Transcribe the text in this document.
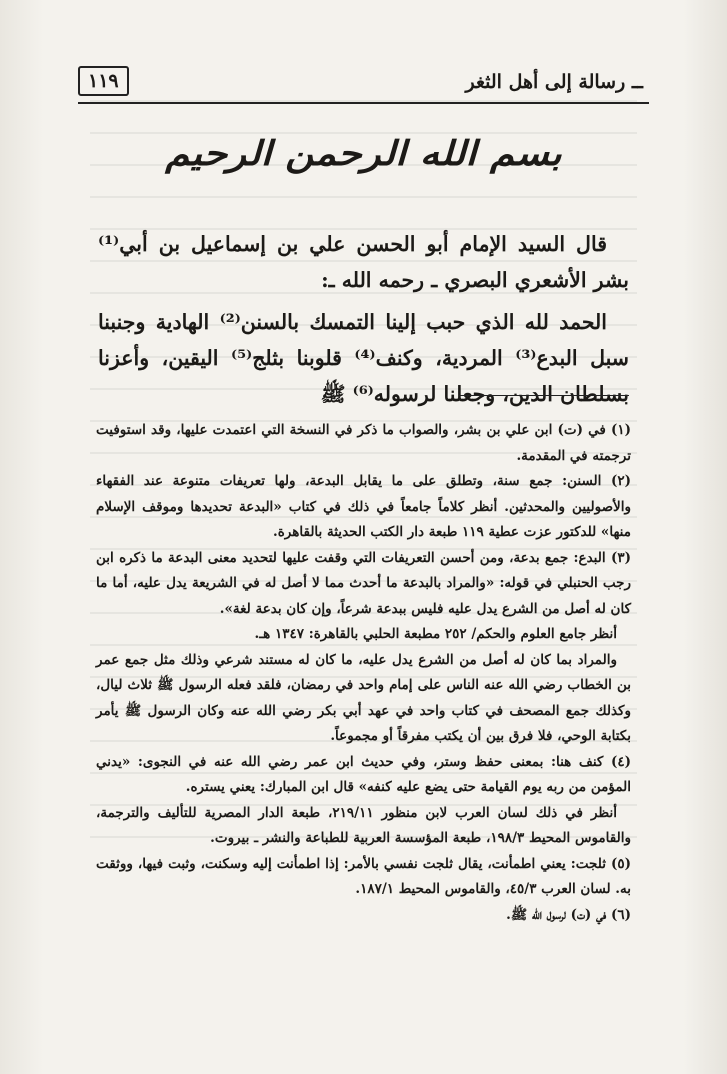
ــ رسالة إلى أهل الثغر
١١٩
بسم الله الرحمن الرحيم

قال السيد الإمام أبو الحسن علي بن إسماعيل بن أبي⁽¹⁾ بشر الأشعري البصري ـ رحمه الله ـ:

الحمد لله الذي حبب إلينا التمسك بالسنن⁽²⁾ الهادية وجنبنا سبل البدع⁽³⁾ المردية، وكنف⁽⁴⁾ قلوبنا بثلج⁽⁵⁾ اليقين، وأعزنا بسلطان الدين، وجعلنا لرسوله⁽⁶⁾ ﷺ

(١) في (ت) ابن علي بن بشر، والصواب ما ذكر في النسخة التي اعتمدت عليها، وقد استوفيت ترجمته في المقدمة.

(٢) السنن: جمع سنة، وتطلق على ما يقابل البدعة، ولها تعريفات متنوعة عند الفقهاء والأصوليين والمحدثين. أنظر كلاماً جامعاً في ذلك في كتاب «البدعة تحديدها وموقف الإسلام منها» للدكتور عزت عطية ١١٩ طبعة دار الكتب الحديثة بالقاهرة.

(٣) البدع: جمع بدعة، ومن أحسن التعريفات التي وقفت عليها لتحديد معنى البدعة ما ذكره ابن رجب الحنبلي في قوله: «والمراد بالبدعة ما أحدث مما لا أصل له في الشريعة يدل عليه، أما ما كان له أصل من الشرع يدل عليه فليس ببدعة شرعاً، وإن كان بدعة لغة».

أنظر جامع العلوم والحكم/ ٢٥٢ مطبعة الحلبي بالقاهرة: ١٣٤٧ هـ.

والمراد بما كان له أصل من الشرع يدل عليه، ما كان له مستند شرعي وذلك مثل جمع عمر بن الخطاب رضي الله عنه الناس على إمام واحد في رمضان، فلقد فعله الرسول ﷺ ثلاث ليال، وكذلك جمع المصحف في كتاب واحد في عهد أبي بكر رضي الله عنه وكان الرسول ﷺ يأمر بكتابة الوحي، فلا فرق بين أن يكتب مفرقاً أو مجموعاً.

(٤) كنف هنا: بمعنى حفظ وستر، وفي حديث ابن عمر رضي الله عنه في النجوى: «يدني المؤمن من ربه يوم القيامة حتى يضع عليه كنفه» قال ابن المبارك: يعني يستره.

أنظر في ذلك لسان العرب لابن منظور ٢١٩/١١، طبعة الدار المصرية للتأليف والترجمة، والقاموس المحيط ١٩٨/٣، طبعة المؤسسة العربية للطباعة والنشر ـ بيروت.

(٥) ثلجت: يعني اطمأنت، يقال ثلجت نفسي بالأمر: إذا اطمأنت إليه وسكنت، وثبت فيها، ووثقت به. لسان العرب ٤٥/٣، والقاموس المحيط ١٨٧/١.

(٦) في (ت) لرسول الله ﷺ.
